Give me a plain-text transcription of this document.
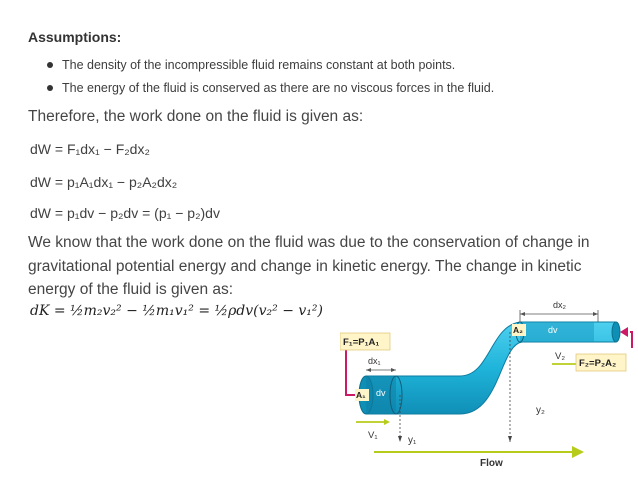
Assumptions:
The density of the incompressible fluid remains constant at both points.
The energy of the fluid is conserved as there are no viscous forces in the fluid.
Therefore, the work done on the fluid is given as:
dW = F₁dx₁ − F₂dx₂
dW = p₁A₁dx₁ − p₂A₂dx₂
dW = p₁dv − p₂dv = (p₁ − p₂)dv
We know that the work done on the fluid was due to the conservation of change in gravitational potential energy and change in kinetic energy. The change in kinetic energy of the fluid is given as:
dK = ½m₂v₂² − ½m₁v₁² = ½ρdv(v₂² − v₁²)	dx₂
dx₁
F₁=P₁A₁
A₁ dv
A₂	dv
V₂
F₂=P₂A₂
y₂
V₁	y₁
Flow
